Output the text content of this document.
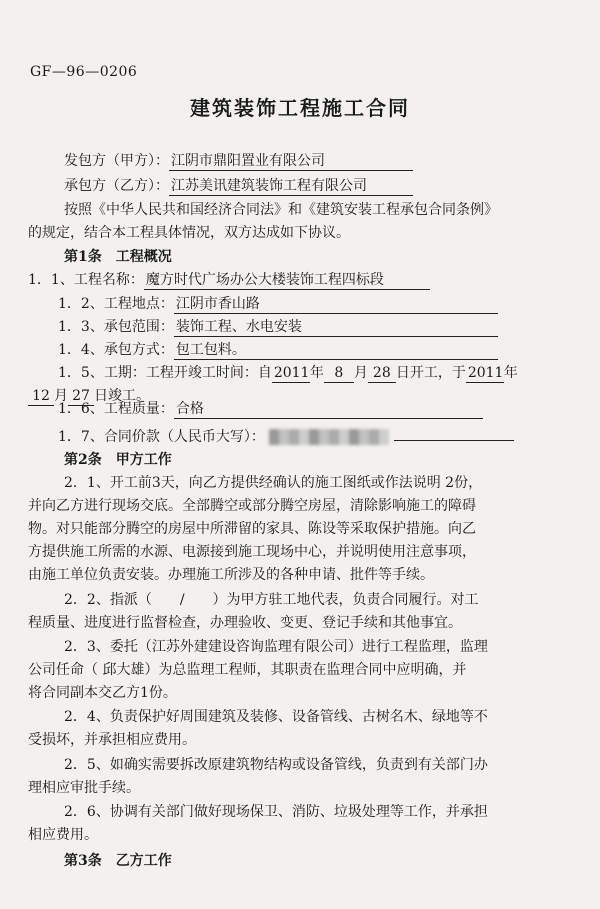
GF—96—0206
建筑装饰工程施工合同
发包方（甲方）： 江阴市鼎阳置业有限公司
承包方（乙方）： 江苏美讯建筑装饰工程有限公司
按照《中华人民共和国经济合同法》和《建筑安装工程承包合同条例》
的规定，结合本工程具体情况，双方达成如下协议。
第1条　工程概况
1．1、工程名称： 魔方时代广场办公大楼装饰工程四标段
1．2、工程地点： 江阴市香山路
1．3、承包范围： 装饰工程、水电安装
1．4、承包方式： 包工包料。
1．5、工期：工程开竣工时间：自 2011年 8 月 28 日开工，于 2011年
12 月 27 日竣工。
1．6、工程质量： 合格
1．7、合同价款（人民币大写）：
第2条　甲方工作
2．1、开工前3天，向乙方提供经确认的施工图纸或作法说明 2份，
并向乙方进行现场交底。全部腾空或部分腾空房屋，清除影响施工的障碍
物。对只能部分腾空的房屋中所滞留的家具、陈设等采取保护措施。向乙
方提供施工所需的水源、电源接到施工现场中心，并说明使用注意事项，
由施工单位负责安装。办理施工所涉及的各种申请、批件等手续。
2．2、指派（　　/　　）为甲方驻工地代表，负责合同履行。对工
程质量、进度进行监督检查，办理验收、变更、登记手续和其他事宜。
2．3、委托（江苏外建建设咨询监理有限公司）进行工程监理，监理
公司任命（ 邱大雄）为总监理工程师，其职责在监理合同中应明确，并
将合同副本交乙方1份。
2．4、负责保护好周围建筑及装修、设备管线、古树名木、绿地等不
受损坏，并承担相应费用。
2．5、如确实需要拆改原建筑物结构或设备管线，负责到有关部门办
理相应审批手续。
2．6、协调有关部门做好现场保卫、消防、垃圾处理等工作，并承担
相应费用。
第3条　乙方工作
